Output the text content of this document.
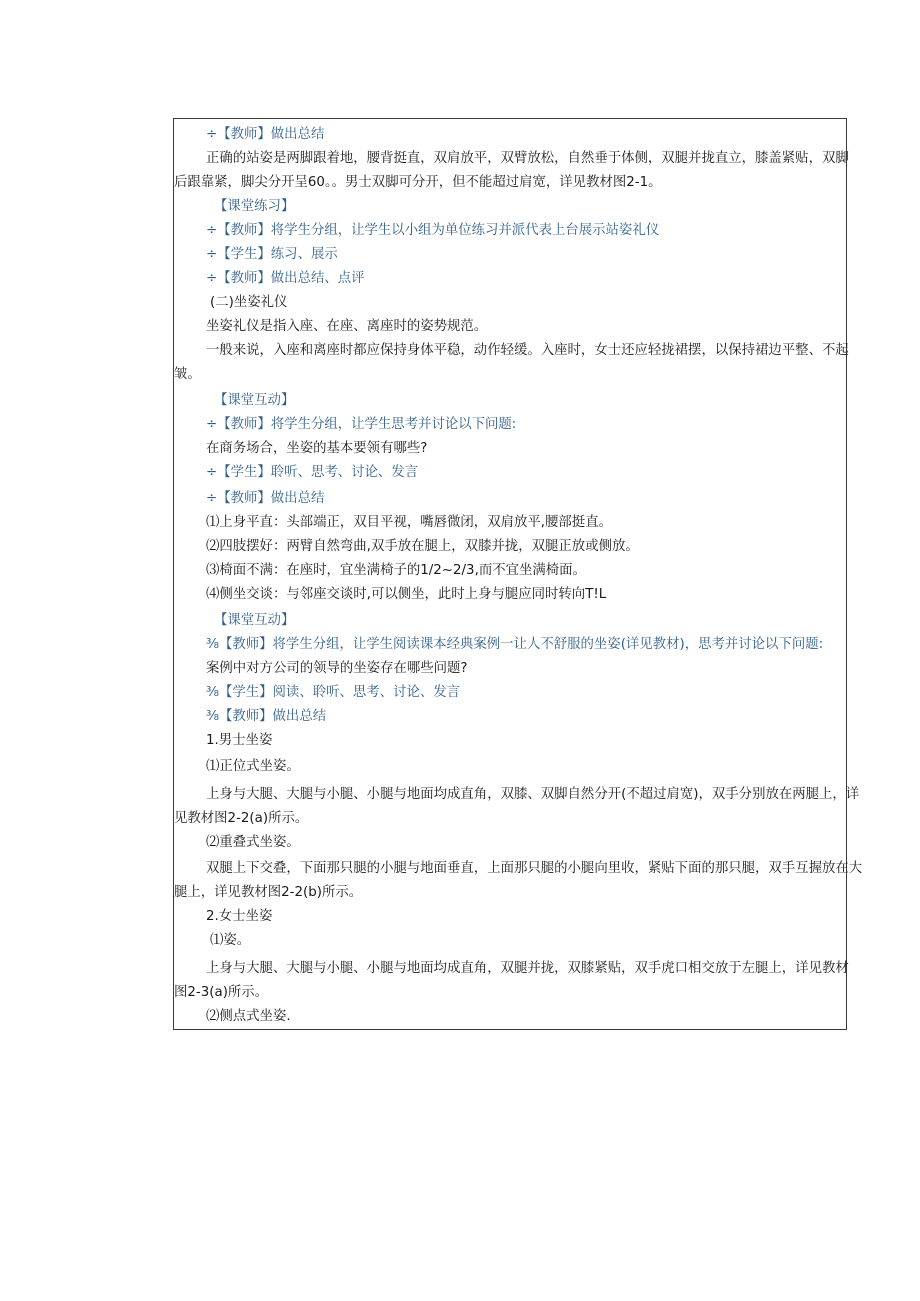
÷【教师】做出总结
正确的站姿是两脚跟着地，腰背挺直，双肩放平，双臂放松，自然垂于体侧，双腿并拢直立，膝盖紧贴，双脚
后跟靠紧，脚尖分开呈60。。男士双脚可分开，但不能超过肩宽，详见教材图2-1。
【课堂练习】
÷【教师】将学生分组，让学生以小组为单位练习并派代表上台展示站姿礼仪
÷【学生】练习、展示
÷【教师】做出总结、点评
(二)坐姿礼仪
坐姿礼仪是指入座、在座、离座时的姿势规范。
一般来说，入座和离座时都应保持身体平稳，动作轻缓。入座时，女士还应轻拢裙摆，以保持裙边平整、不起
皱。
【课堂互动】
÷【教师】将学生分组，让学生思考并讨论以下问题:
在商务场合，坐姿的基本要领有哪些?
÷【学生】聆听、思考、讨论、发言
÷【教师】做出总结
⑴上身平直：头部端正，双目平视，嘴唇微闭，双肩放平,腰部挺直。
⑵四肢摆好：两臂自然弯曲,双手放在腿上，双膝并拢，双腿正放或侧放。
⑶椅面不满：在座时，宜坐满椅子的1/2~2/3,而不宜坐满椅面。
⑷侧坐交谈：与邻座交谈时,可以侧坐，此时上身与腿应同时转向T!L
【课堂互动】
⅜【教师】将学生分组，让学生阅读课本经典案例一让人不舒服的坐姿(详见教材)，思考并讨论以下问题:
案例中对方公司的领导的坐姿存在哪些问题?
⅜【学生】阅读、聆听、思考、讨论、发言
⅜【教师】做出总结
1.男士坐姿
⑴正位式坐姿。
上身与大腿、大腿与小腿、小腿与地面均成直角，双膝、双脚自然分开(不超过肩宽)，双手分别放在两腿上，详
见教材图2-2(a)所示。
⑵重叠式坐姿。
双腿上下交叠，下面那只腿的小腿与地面垂直，上面那只腿的小腿向里收，紧贴下面的那只腿，双手互握放在大
腿上，详见教材图2-2(b)所示。
2.女士坐姿
⑴姿。
上身与大腿、大腿与小腿、小腿与地面均成直角，双腿并拢，双膝紧贴，双手虎口相交放于左腿上，详见教材
图2-3(a)所示。
⑵侧点式坐姿.
